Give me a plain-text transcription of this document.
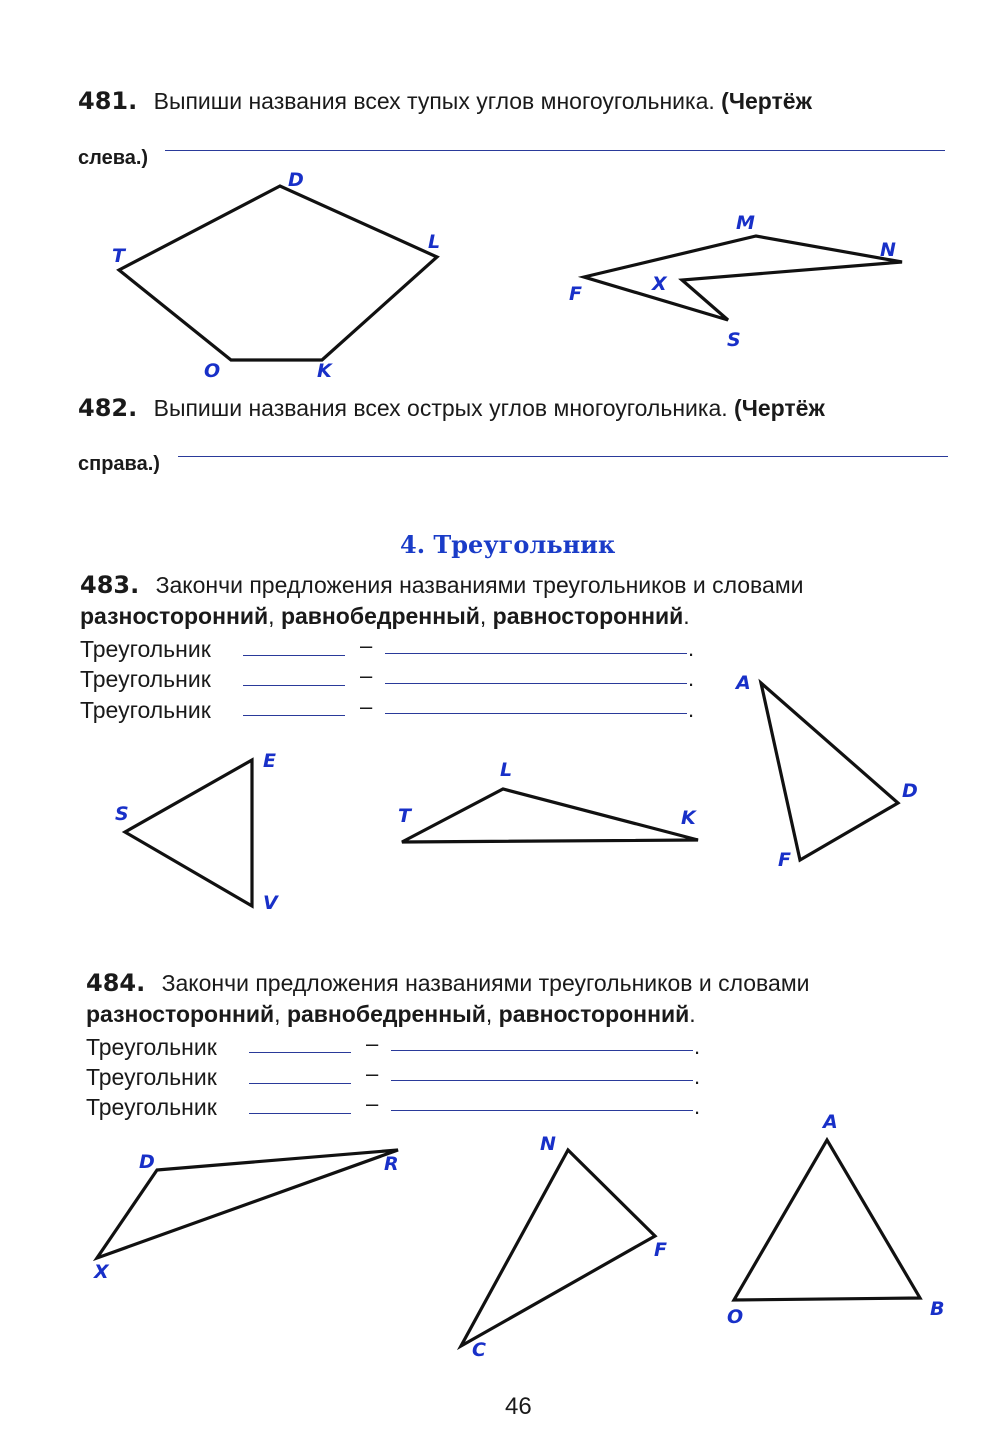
481. Выпиши названия всех тупых углов многоугольника. (Чертёж
слева.)
482. Выпиши названия всех острых углов многоугольника. (Чертёж
справа.)
4. Треугольник
483. Закончи предложения названиями треугольников и словами
разносторонний, равнобедренный, равносторонний.
Треугольник	–	.
Треугольник	–	.
Треугольник	–	.
484. Закончи предложения названиями треугольников и словами
разносторонний, равнобедренный, равносторонний.
Треугольник	–	.
Треугольник	–	.
Треугольник	–	.
D
T
L
O	K
M
N
F	X
S
E
S
V
L
T	K
A
D
F
D	R
X
N
F
C
A
O	B
46
